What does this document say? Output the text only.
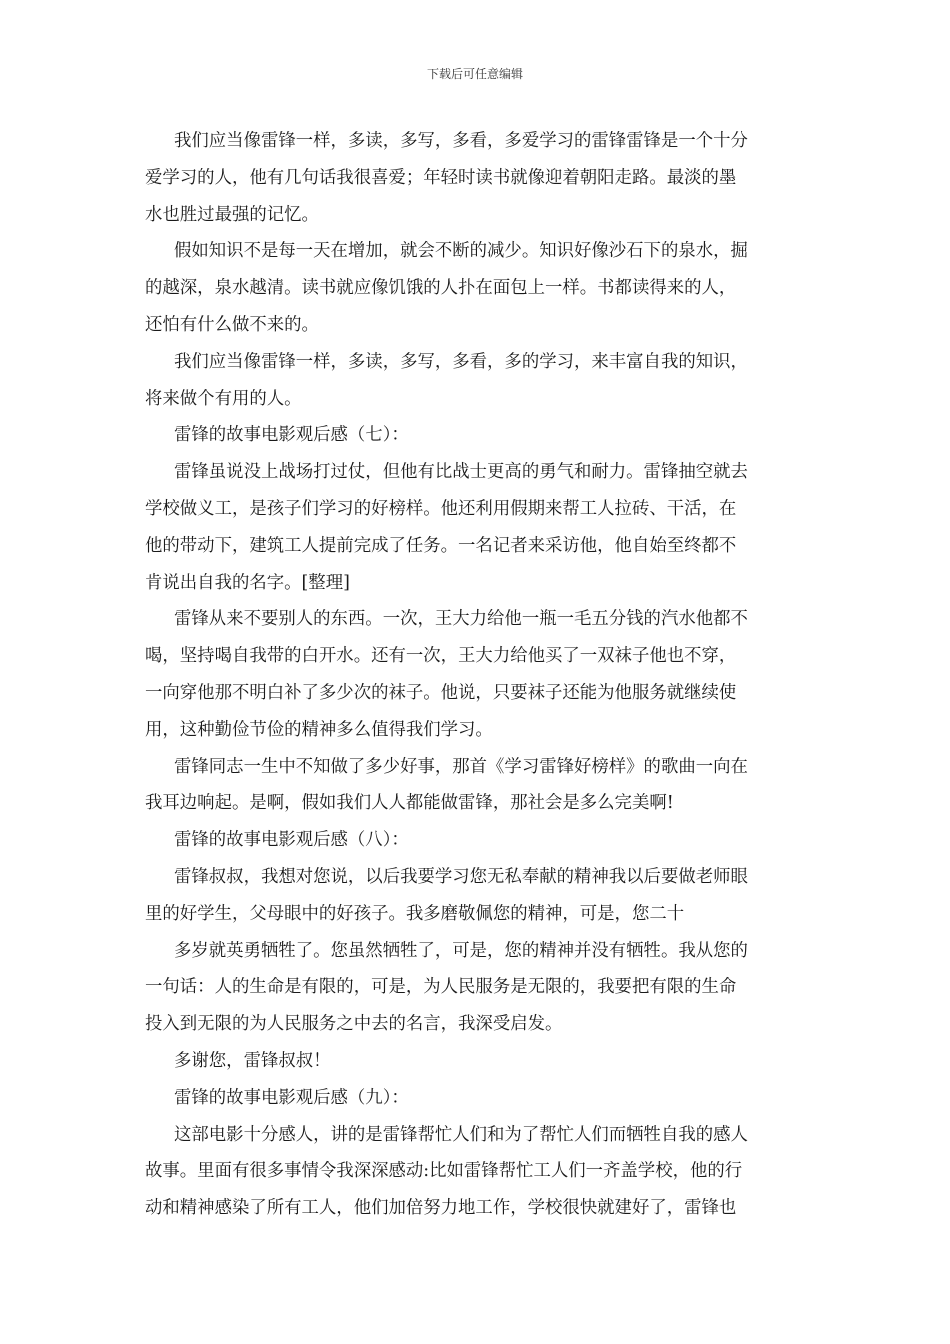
下载后可任意编辑
我们应当像雷锋一样，多读，多写，多看，多爱学习的雷锋雷锋是一个十分
爱学习的人，他有几句话我很喜爱；年轻时读书就像迎着朝阳走路。最淡的墨
水也胜过最强的记忆。
假如知识不是每一天在增加，就会不断的减少。知识好像沙石下的泉水，掘
的越深，泉水越清。读书就应像饥饿的人扑在面包上一样。书都读得来的人，
还怕有什么做不来的。
我们应当像雷锋一样，多读，多写，多看，多的学习，来丰富自我的知识，
将来做个有用的人。
雷锋的故事电影观后感（七）：
雷锋虽说没上战场打过仗，但他有比战士更高的勇气和耐力。雷锋抽空就去
学校做义工，是孩子们学习的好榜样。他还利用假期来帮工人拉砖、干活，在
他的带动下，建筑工人提前完成了任务。一名记者来采访他，他自始至终都不
肯说出自我的名字。[整理]
雷锋从来不要别人的东西。一次，王大力给他一瓶一毛五分钱的汽水他都不
喝，坚持喝自我带的白开水。还有一次，王大力给他买了一双袜子他也不穿，
一向穿他那不明白补了多少次的袜子。他说，只要袜子还能为他服务就继续使
用，这种勤俭节俭的精神多么值得我们学习。
雷锋同志一生中不知做了多少好事，那首《学习雷锋好榜样》的歌曲一向在
我耳边响起。是啊，假如我们人人都能做雷锋，那社会是多么完美啊!
雷锋的故事电影观后感（八）：
雷锋叔叔，我想对您说，以后我要学习您无私奉献的精神我以后要做老师眼
里的好学生，父母眼中的好孩子。我多磨敬佩您的精神，可是，您二十
多岁就英勇牺牲了。您虽然牺牲了，可是，您的精神并没有牺牲。我从您的
一句话：人的生命是有限的，可是，为人民服务是无限的，我要把有限的生命
投入到无限的为人民服务之中去的名言，我深受启发。
多谢您，雷锋叔叔！
雷锋的故事电影观后感（九）：
这部电影十分感人，讲的是雷锋帮忙人们和为了帮忙人们而牺牲自我的感人
故事。里面有很多事情令我深深感动:比如雷锋帮忙工人们一齐盖学校，他的行
动和精神感染了所有工人，他们加倍努力地工作，学校很快就建好了，雷锋也
